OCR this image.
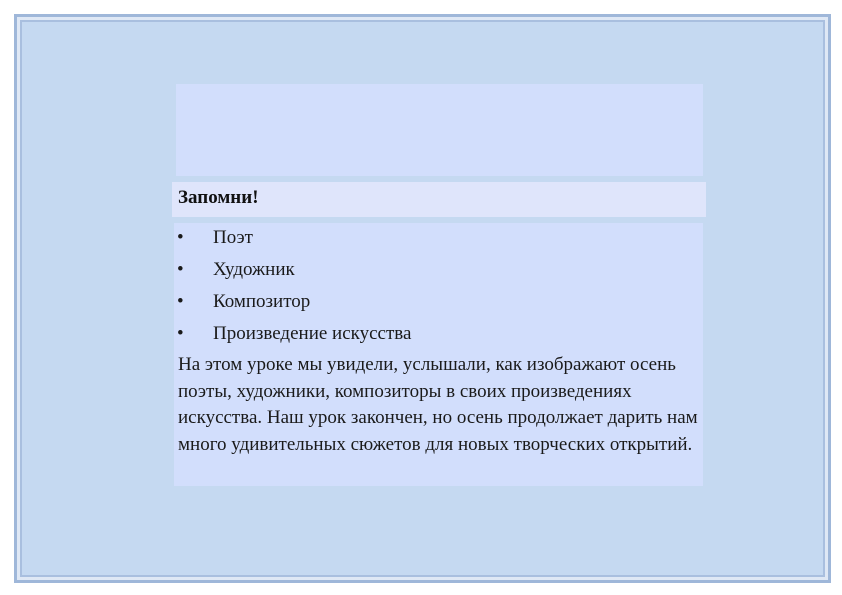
Запомни!
• Поэт
• Художник
• Композитор
• Произведение искусства

На этом уроке мы увидели, услышали, как изображают осень поэты, художники, композиторы в своих произведениях искусства. Наш урок закончен, но осень продолжает дарить нам много удивительных сюжетов для новых творческих открытий.
